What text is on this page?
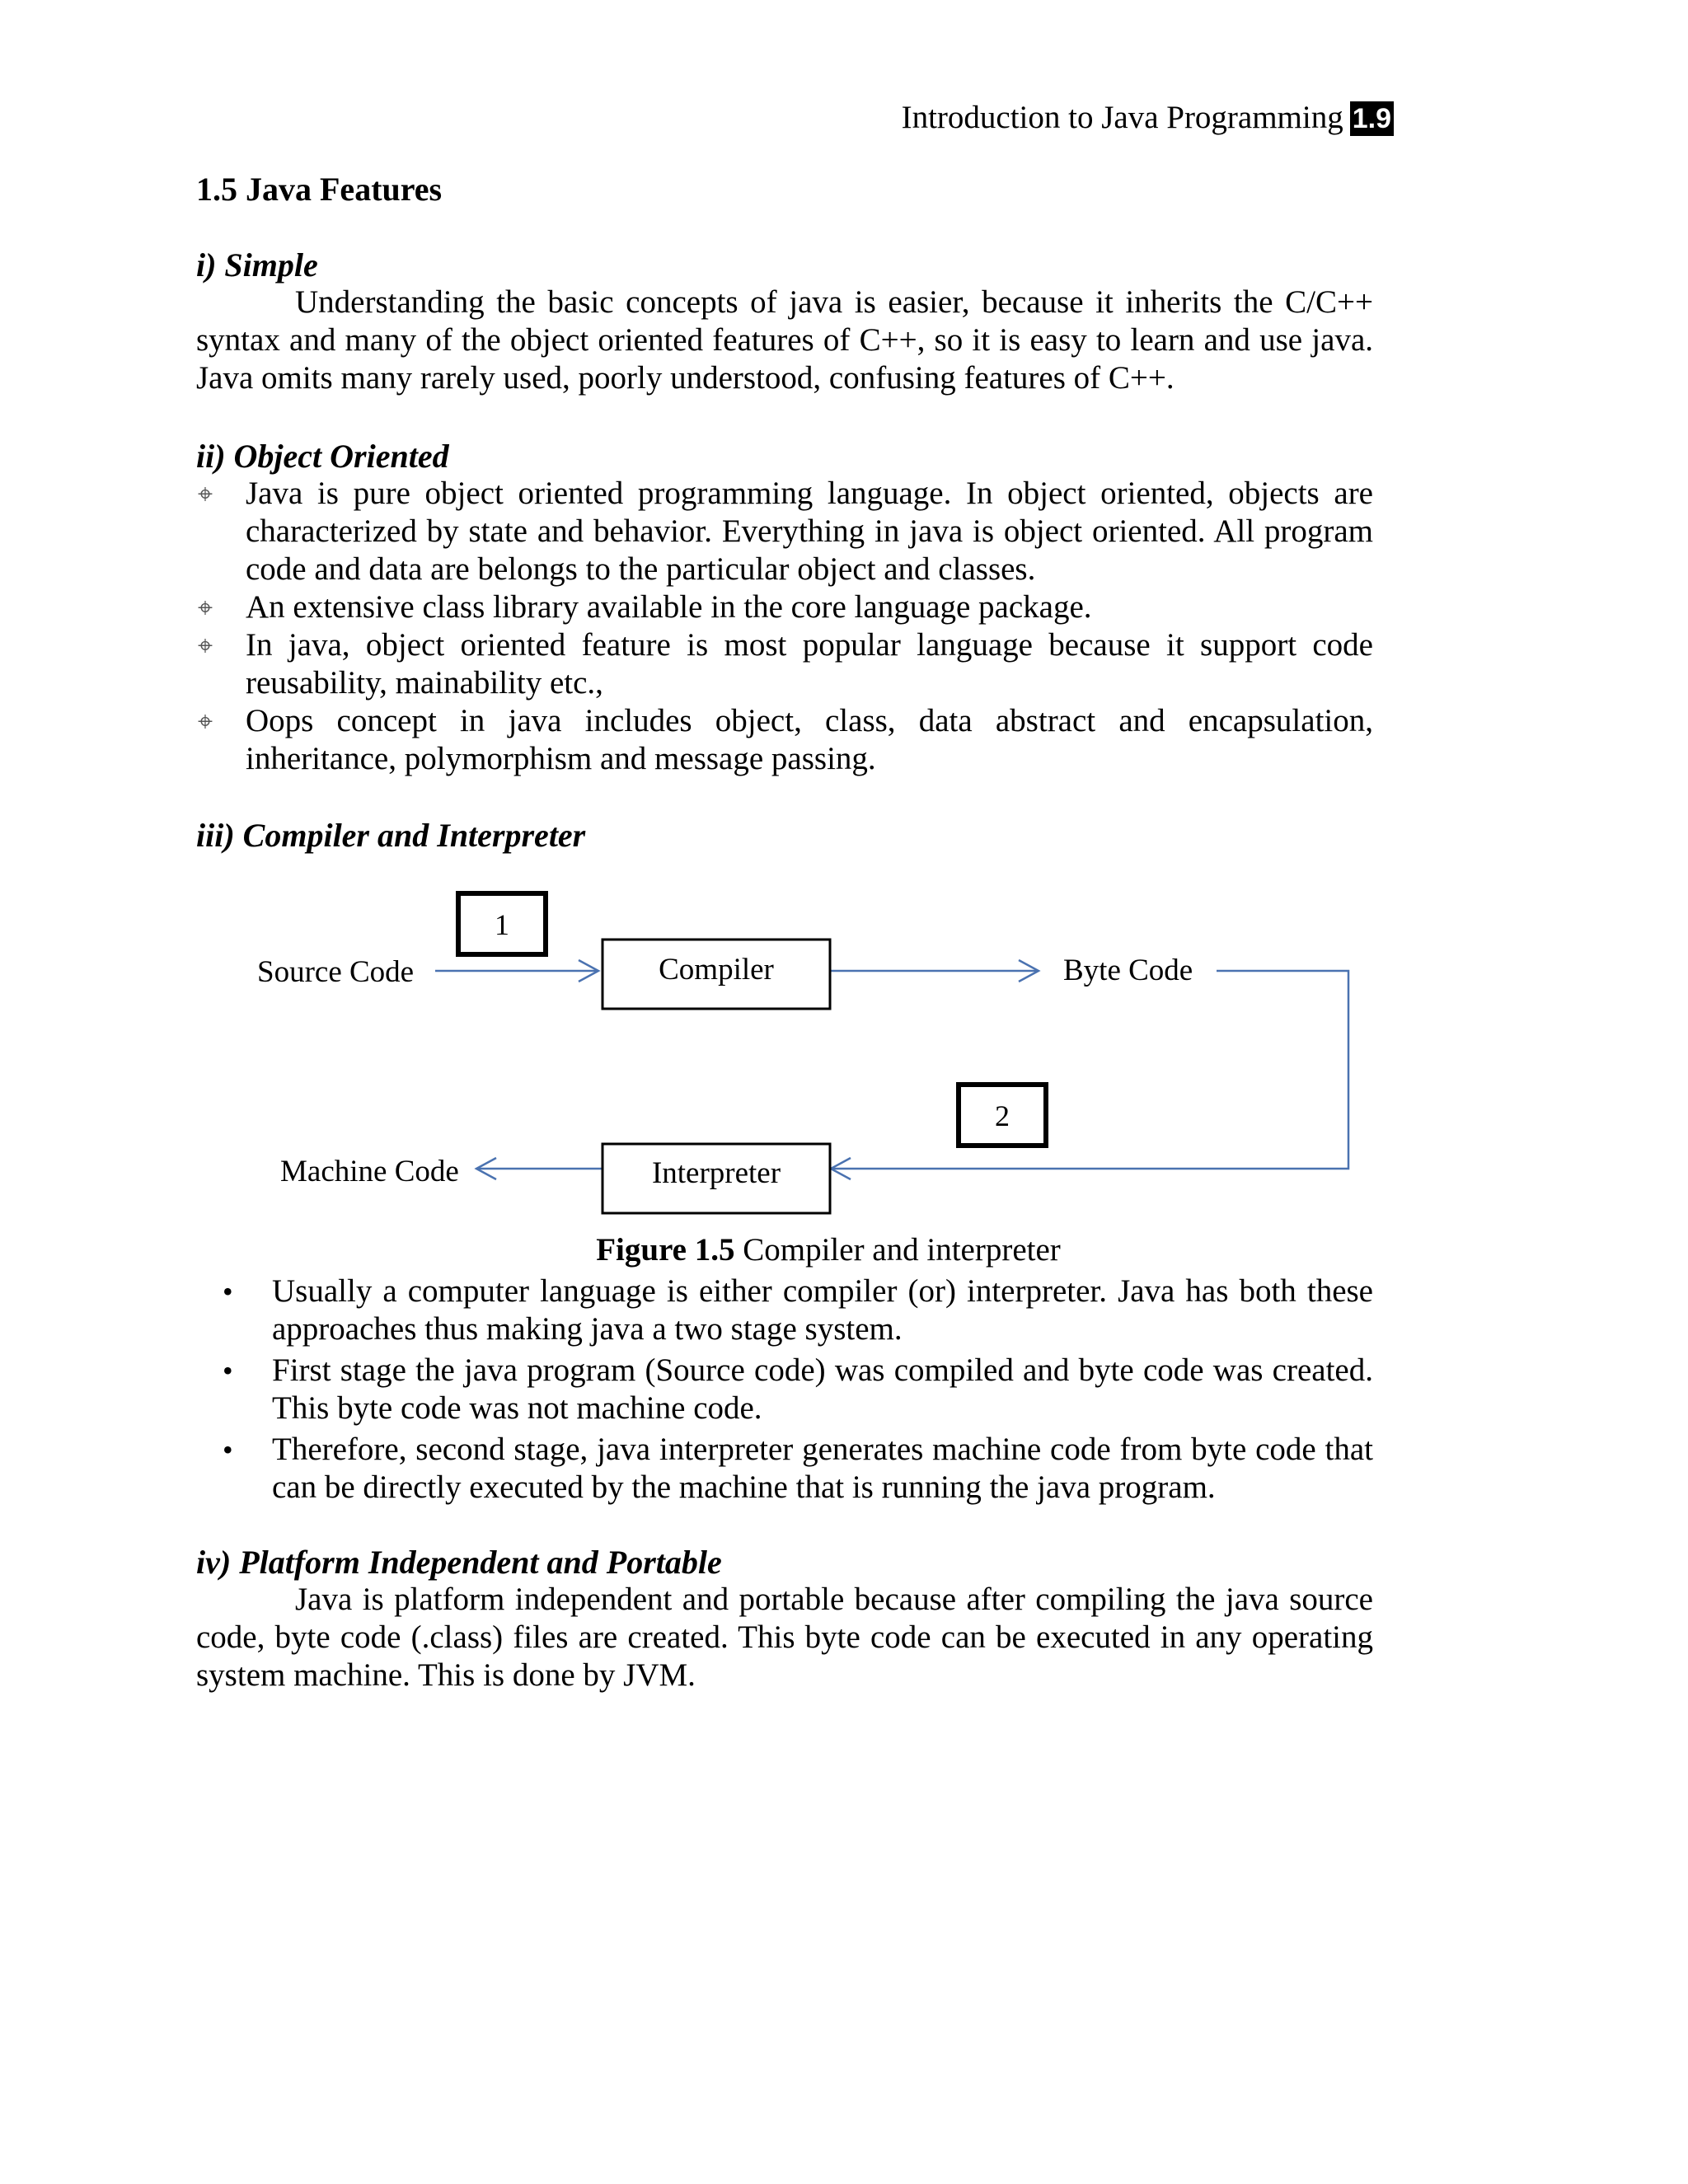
Introduction to Java Programming 1.9
1.5 Java Features
i) Simple
Understanding the basic concepts of java is easier, because it inherits the C/C++ syntax and many of the object oriented features of C++, so it is easy to learn and use java. Java omits many rarely used, poorly understood, confusing features of C++.
ii) Object Oriented
⌖ Java is pure object oriented programming language. In object oriented, objects are characterized by state and behavior. Everything in java is object oriented. All program code and data are belongs to the particular object and classes.
⌖ An extensive class library available in the core language package.
⌖ In java, object oriented feature is most popular language because it support code reusability, mainability etc.,
⌖ Oops concept in java includes object, class, data abstract and encapsulation, inheritance, polymorphism and message passing.
iii) Compiler and Interpreter
Source Code	Compiler	Byte Code
Interpreter
Machine Code
1
2
Figure 1.5 Compiler and interpreter
• Usually a computer language is either compiler (or) interpreter. Java has both these approaches thus making java a two stage system.
• First stage the java program (Source code) was compiled and byte code was created. This byte code was not machine code.
• Therefore, second stage, java interpreter generates machine code from byte code that can be directly executed by the machine that is running the java program.
iv) Platform Independent and Portable
Java is platform independent and portable because after compiling the java source code, byte code (.class) files are created. This byte code can be executed in any operating system machine. This is done by JVM.
